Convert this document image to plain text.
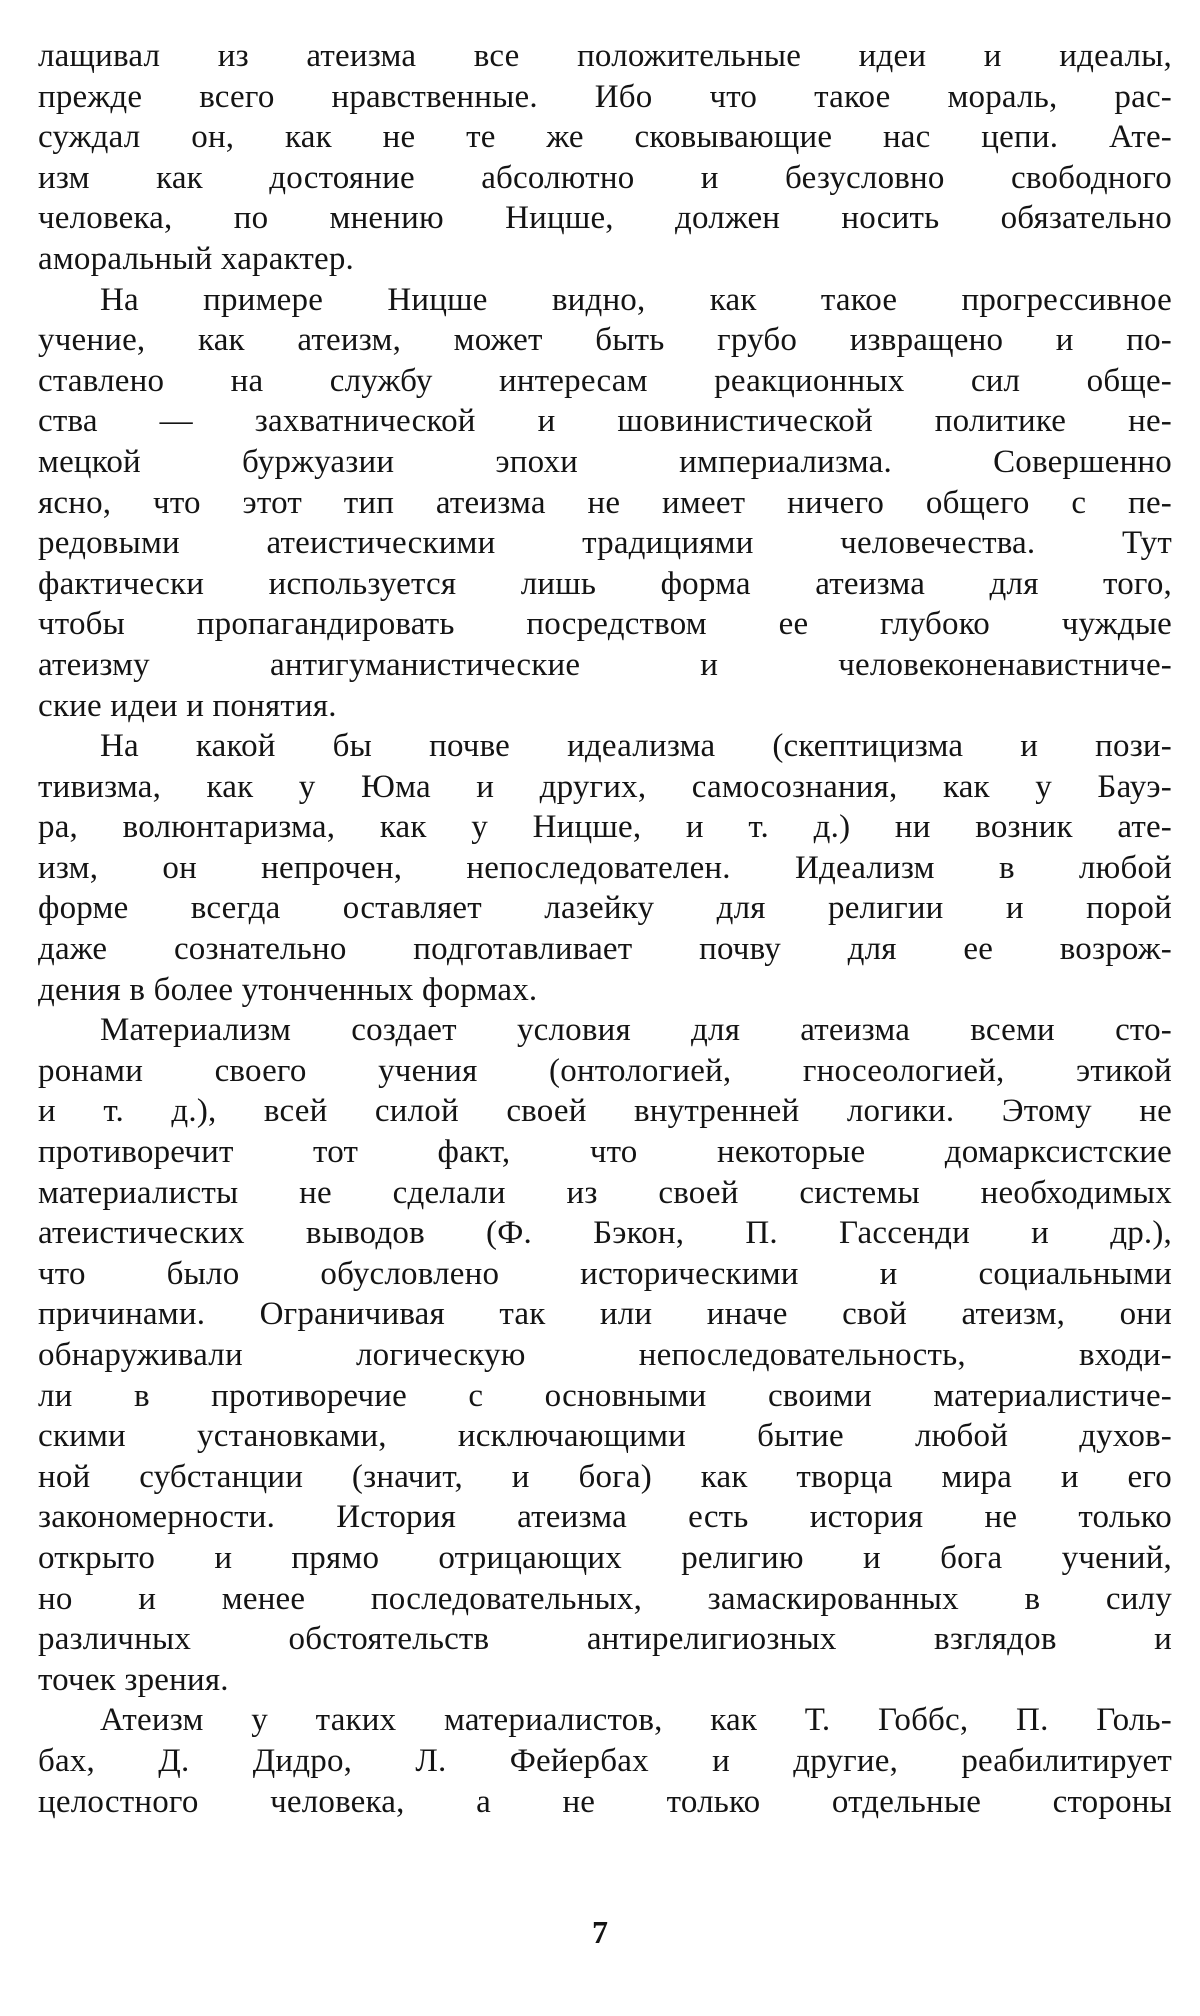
лащивал из атеизма все положительные идеи и идеалы,
прежде всего нравственные. Ибо что такое мораль, рас-
суждал он, как не те же сковывающие нас цепи. Ате-
изм как достояние абсолютно и безусловно свободного
человека, по мнению Ницше, должен носить обязательно
аморальный характер.
На примере Ницше видно, как такое прогрессивное
учение, как атеизм, может быть грубо извращено и по-
ставлено на службу интересам реакционных сил обще-
ства — захватнической и шовинистической политике не-
мецкой буржуазии эпохи империализма. Совершенно
ясно, что этот тип атеизма не имеет ничего общего с пе-
редовыми атеистическими традициями человечества. Тут
фактически используется лишь форма атеизма для того,
чтобы пропагандировать посредством ее глубоко чуждые
атеизму антигуманистические и человеконенавистниче-
ские идеи и понятия.
На какой бы почве идеализма (скептицизма и пози-
тивизма, как у Юма и других, самосознания, как у Бауэ-
ра, волюнтаризма, как у Ницше, и т. д.) ни возник ате-
изм, он непрочен, непоследователен. Идеализм в любой
форме всегда оставляет лазейку для религии и порой
даже сознательно подготавливает почву для ее возрож-
дения в более утонченных формах.
Материализм создает условия для атеизма всеми сто-
ронами своего учения (онтологией, гносеологией, этикой
и т. д.), всей силой своей внутренней логики. Этому не
противоречит тот факт, что некоторые домарксистские
материалисты не сделали из своей системы необходимых
атеистических выводов (Ф. Бэкон, П. Гассенди и др.),
что было обусловлено историческими и социальными
причинами. Ограничивая так или иначе свой атеизм, они
обнаруживали логическую непоследовательность, входи-
ли в противоречие с основными своими материалистиче-
скими установками, исключающими бытие любой духов-
ной субстанции (значит, и бога) как творца мира и его
закономерности. История атеизма есть история не только
открыто и прямо отрицающих религию и бога учений,
но и менее последовательных, замаскированных в силу
различных обстоятельств антирелигиозных взглядов и
точек зрения.
Атеизм у таких материалистов, как Т. Гоббс, П. Голь-
бах, Д. Дидро, Л. Фейербах и другие, реабилитирует
целостного человека, а не только отдельные стороны
7
